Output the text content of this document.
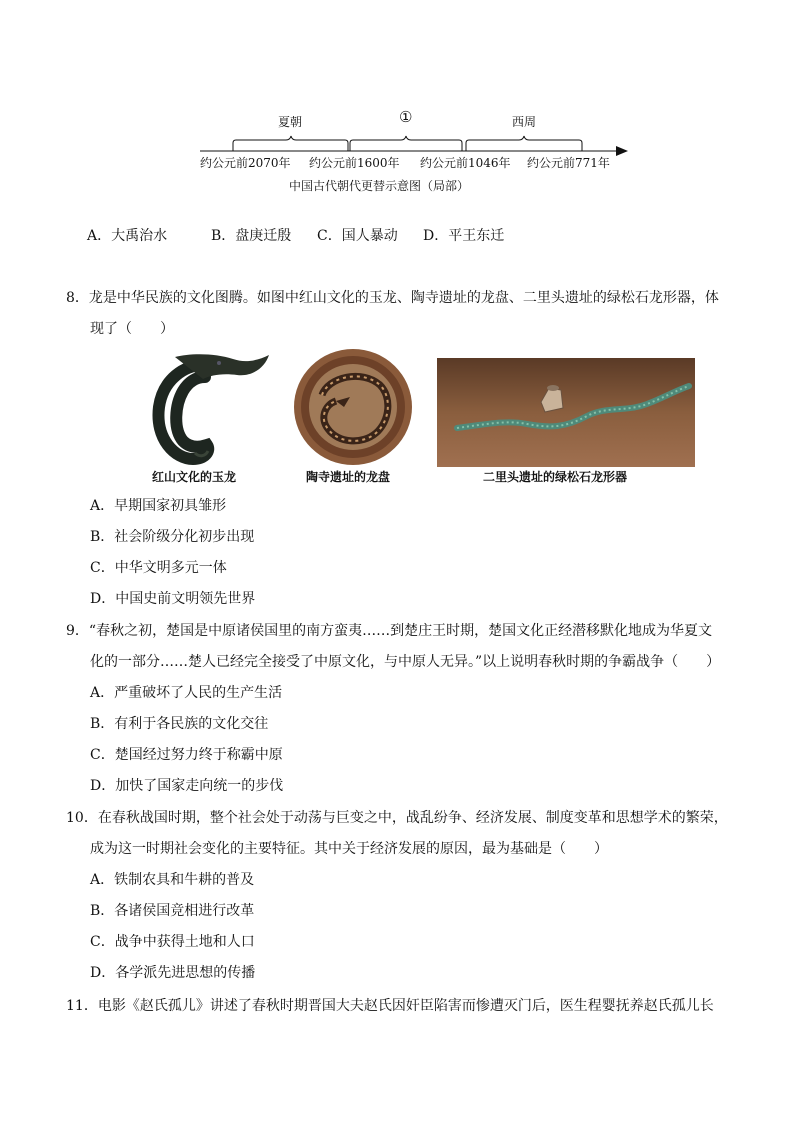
夏朝	①	西周
约公元前2070年 约公元前1600年 约公元前1046年 约公元前771年
中国古代朝代更替示意图（局部）
A．大禹治水	B．盘庚迁殷 C．国人暴动 D．平王东迁
8．龙是中华民族的文化图腾。如图中红山文化的玉龙、陶寺遗址的龙盘、二里头遗址的绿松石龙形器，体
现了（　　）
红山文化的玉龙	陶寺遗址的龙盘	二里头遗址的绿松石龙形器
A．早期国家初具雏形
B．社会阶级分化初步出现
C．中华文明多元一体
D．中国史前文明领先世界
9．“春秋之初，楚国是中原诸侯国里的南方蛮夷……到楚庄王时期，楚国文化正经潜移默化地成为华夏文
化的一部分……楚人已经完全接受了中原文化，与中原人无异。”以上说明春秋时期的争霸战争（　　）
A．严重破坏了人民的生产生活
B．有利于各民族的文化交往
C．楚国经过努力终于称霸中原
D．加快了国家走向统一的步伐
10．在春秋战国时期，整个社会处于动荡与巨变之中，战乱纷争、经济发展、制度变革和思想学术的繁荣，
成为这一时期社会变化的主要特征。其中关于经济发展的原因，最为基础是（　　）
A．铁制农具和牛耕的普及
B．各诸侯国竞相进行改革
C．战争中获得土地和人口
D．各学派先进思想的传播
11．电影《赵氏孤儿》讲述了春秋时期晋国大夫赵氏因奸臣陷害而惨遭灭门后，医生程婴抚养赵氏孤儿长
